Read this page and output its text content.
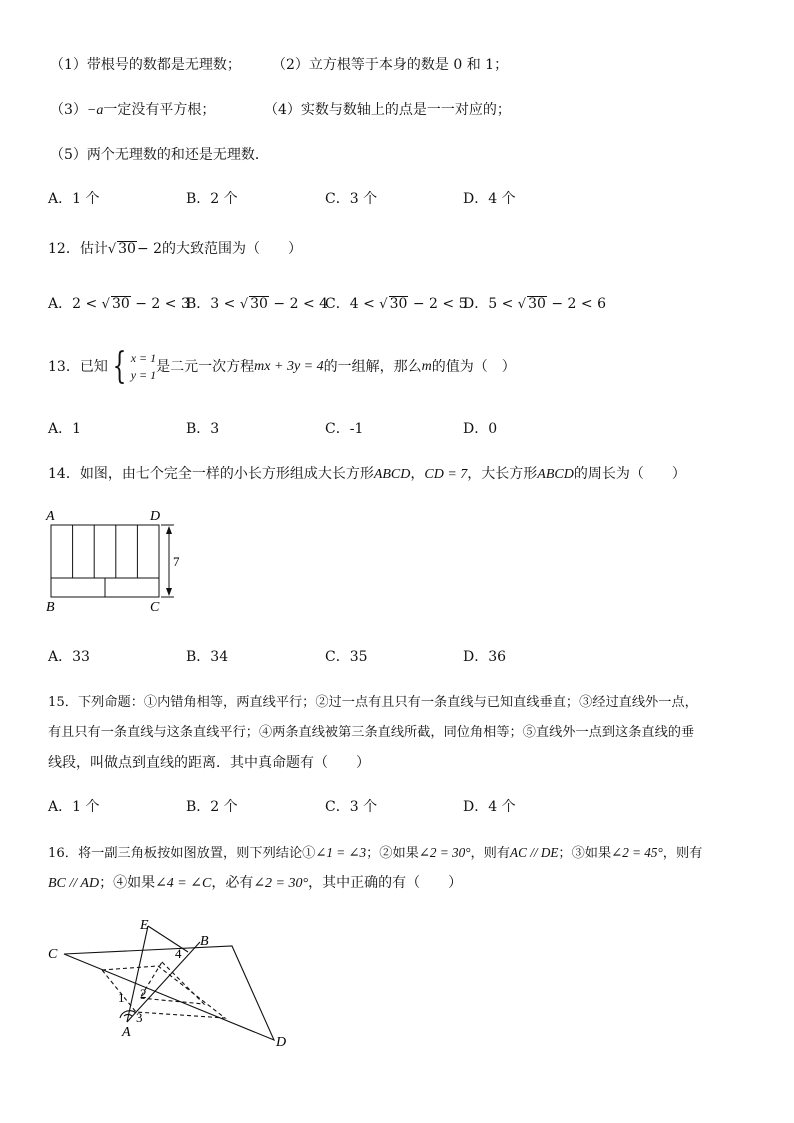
（1）带根号的数都是无理数； （2）立方根等于本身的数是 0 和 1；
（3）−a一定没有平方根；	（4）实数与数轴上的点是一一对应的；
（5）两个无理数的和还是无理数．
A．1 个	B．2 个	C．3 个	D．4 个
12．估计√ 30− 2的大致范围为（　　）
A．2 < √ 30 − 2 < 3
B．3 < √ 30 − 2 < 4
C．4 < √ 30 − 2 < 5
D．5 < √ 30 − 2 < 6
13．已知 { x = 1
y = 1是二元一次方程mx + 3y = 4的一组解，那么m的值为（　）
A．1	B．3	C．-1	D．0
14．如图，由七个完全一样的小长方形组成大长方形ABCD，CD = 7，大长方形ABCD的周长为（　　）
A	D
B	C
7
A．33	B．34	C．35	D．36
15．下列命题：①内错角相等，两直线平行；②过一点有且只有一条直线与已知直线垂直；③经过直线外一点，
有且只有一条直线与这条直线平行；④两条直线被第三条直线所截，同位角相等；⑤直线外一点到这条直线的垂
线段，叫做点到直线的距离．其中真命题有（　　）
A．1 个	B．2 个	C．3 个	D．4 个
16．将一副三角板按如图放置，则下列结论①∠1 = ∠3；②如果∠2 = 30°，则有AC // DE；③如果∠2 = 45°，则有
BC // AD；④如果∠4 = ∠C，必有∠2 = 30°，其中正确的有（　　）
C
E
B
D
A
1 2
3
4
